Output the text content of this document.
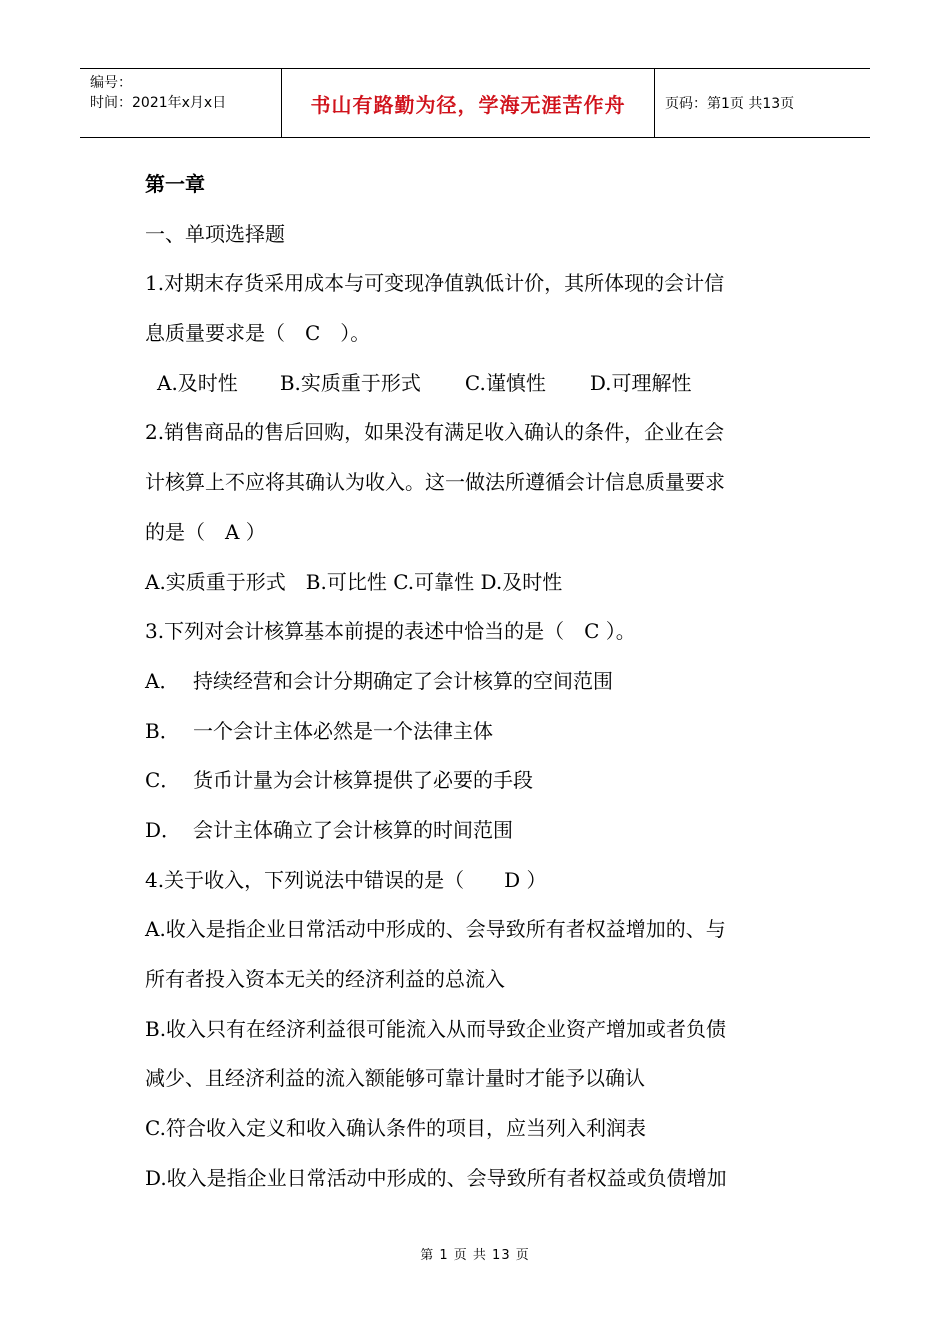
编号：
时间：2021年x月x日	书山有路勤为径，学海无涯苦作舟	页码：第1页 共13页
第一章
一、单项选择题
1.对期末存货采用成本与可变现净值孰低计价，其所体现的会计信
息质量要求是（　C　）。
A.及时性 B.实质重于形式 C.谨慎性 D.可理解性
2.销售商品的售后回购，如果没有满足收入确认的条件，企业在会
计核算上不应将其确认为收入。这一做法所遵循会计信息质量要求
的是（　A ）
A.实质重于形式　B.可比性 C.可靠性 D.及时性
3.下列对会计核算基本前提的表述中恰当的是（　C ）。
A． 持续经营和会计分期确定了会计核算的空间范围
B． 一个会计主体必然是一个法律主体
C． 货币计量为会计核算提供了必要的手段
D． 会计主体确立了会计核算的时间范围
4.关于收入，下列说法中错误的是（　　D ）
A.收入是指企业日常活动中形成的、会导致所有者权益增加的、与
所有者投入资本无关的经济利益的总流入
B.收入只有在经济利益很可能流入从而导致企业资产增加或者负债
减少、且经济利益的流入额能够可靠计量时才能予以确认
C.符合收入定义和收入确认条件的项目，应当列入利润表
D.收入是指企业日常活动中形成的、会导致所有者权益或负债增加
第 1 页 共 13 页
